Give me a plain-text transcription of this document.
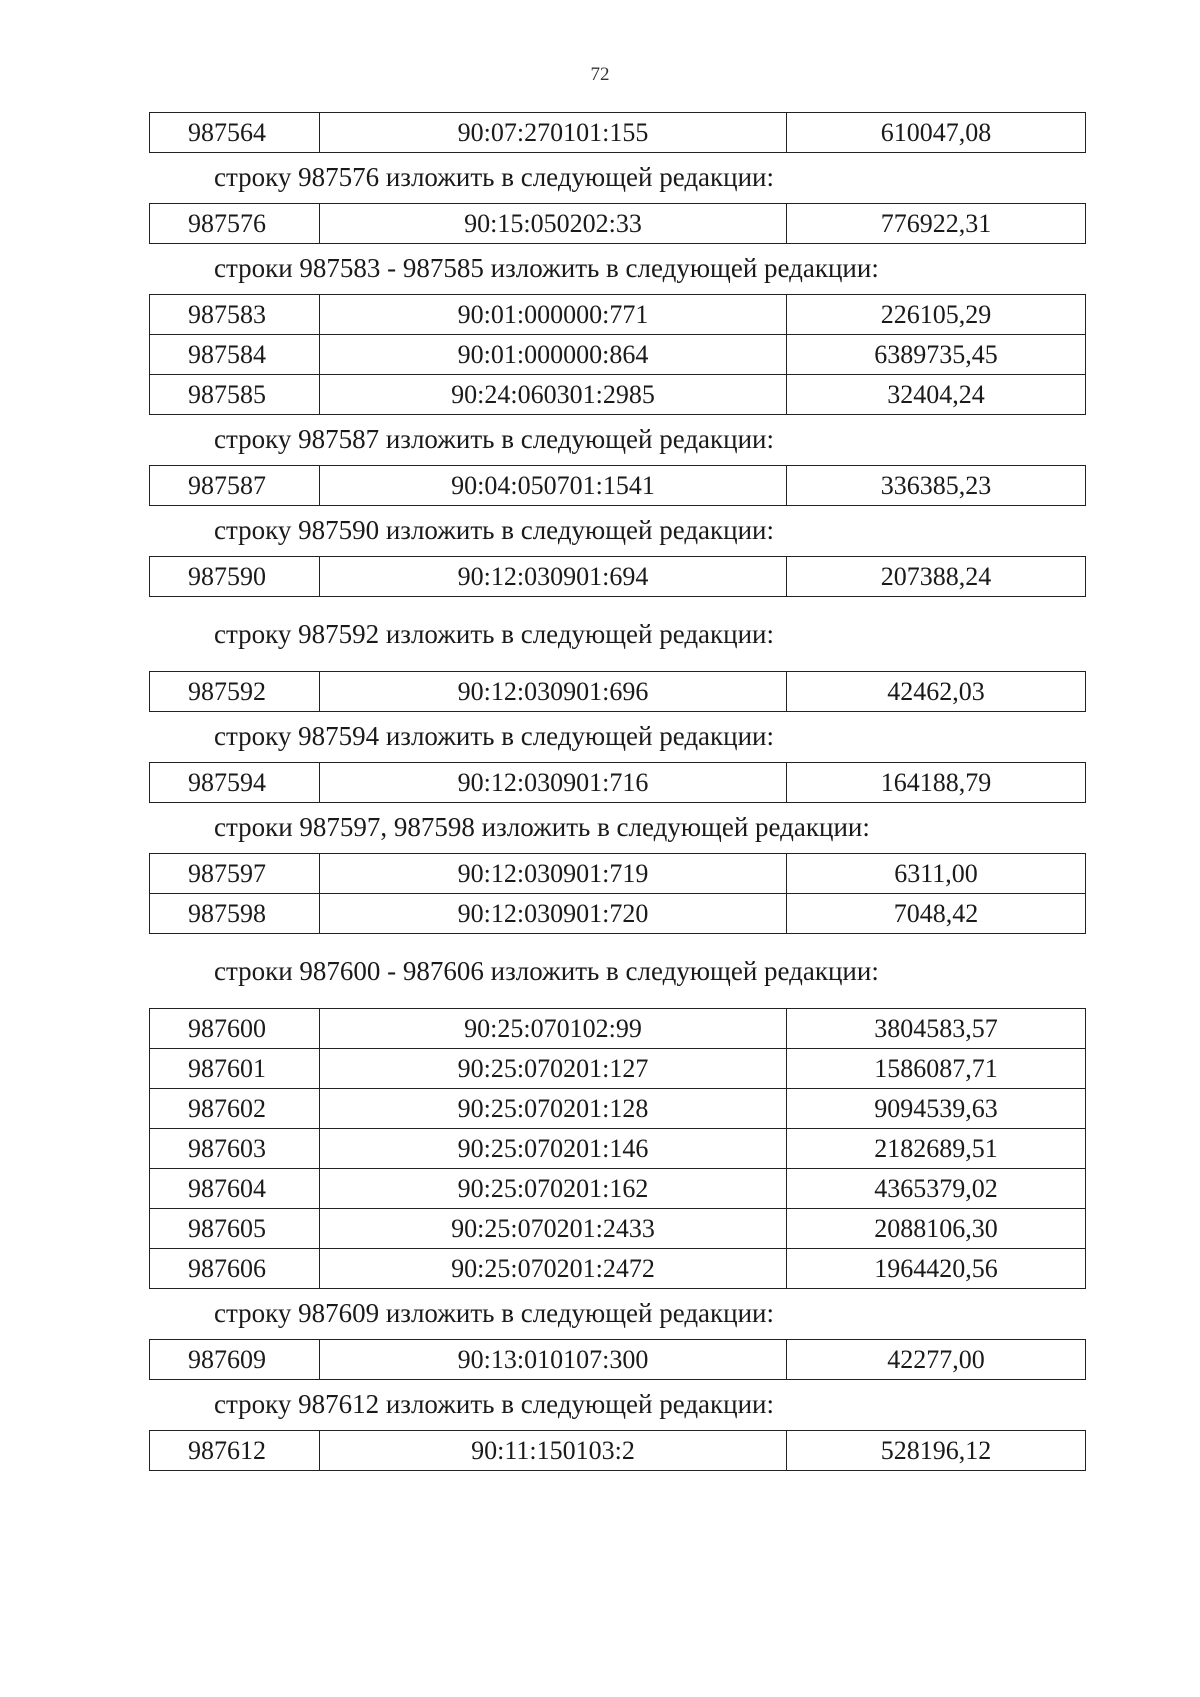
72
987564	90:07:270101:155	610047,08
строку 987576 изложить в следующей редакции:
987576	90:15:050202:33	776922,31
строки 987583 - 987585 изложить в следующей редакции:
987583	90:01:000000:771	226105,29
987584	90:01:000000:864	6389735,45
987585	90:24:060301:2985	32404,24
строку 987587 изложить в следующей редакции:
987587	90:04:050701:1541	336385,23
строку 987590 изложить в следующей редакции:
987590	90:12:030901:694	207388,24
строку 987592 изложить в следующей редакции:
987592	90:12:030901:696	42462,03
строку 987594 изложить в следующей редакции:
987594	90:12:030901:716	164188,79
строки 987597, 987598 изложить в следующей редакции:
987597	90:12:030901:719	6311,00
987598	90:12:030901:720	7048,42
строки 987600 - 987606 изложить в следующей редакции:
987600	90:25:070102:99	3804583,57
987601	90:25:070201:127	1586087,71
987602	90:25:070201:128	9094539,63
987603	90:25:070201:146	2182689,51
987604	90:25:070201:162	4365379,02
987605	90:25:070201:2433	2088106,30
987606	90:25:070201:2472	1964420,56
строку 987609 изложить в следующей редакции:
987609	90:13:010107:300	42277,00
строку 987612 изложить в следующей редакции:
987612	90:11:150103:2	528196,12
